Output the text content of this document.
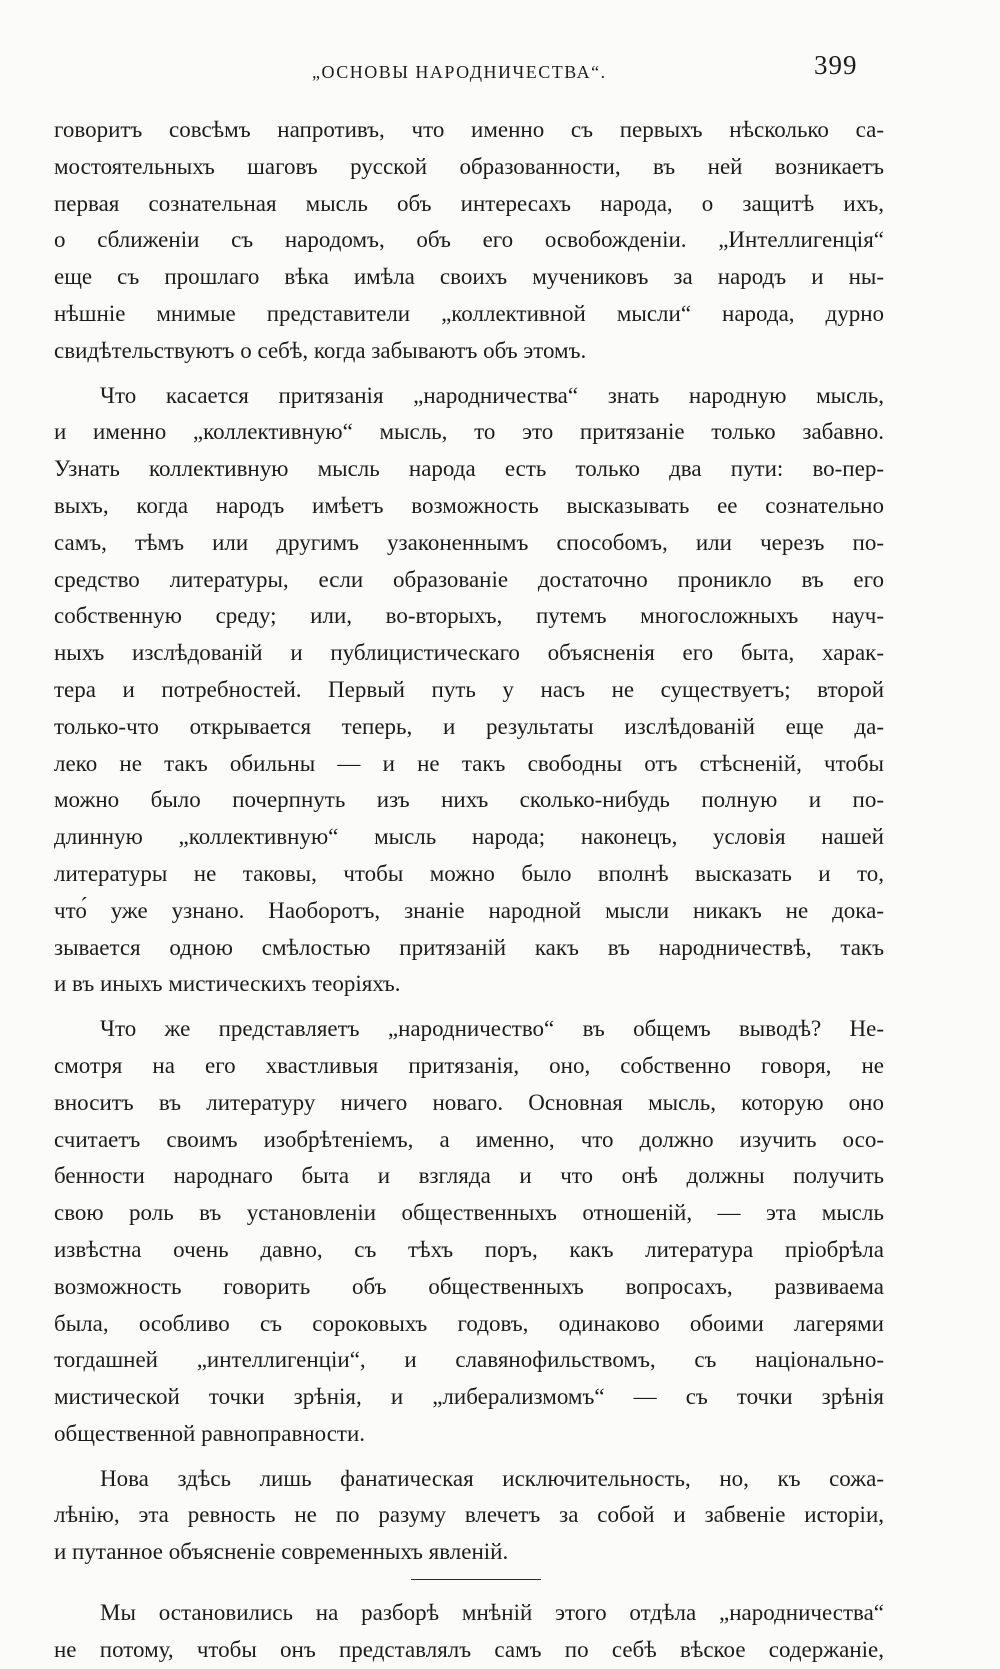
„ОСНОВЫ НАРОДНИЧЕСТВА“.	399
говоритъ совсѣмъ напротивъ, что именно съ первыхъ нѣсколько са-
мостоятельныхъ шаговъ русской образованности, въ ней возникаетъ
первая сознательная мысль объ интересахъ народа, о защитѣ ихъ,
о сближеніи съ народомъ, объ его освобожденіи. „Интеллигенція“
еще съ прошлаго вѣка имѣла своихъ мучениковъ за народъ и ны-
нѣшніе мнимые представители „коллективной мысли“ народа, дурно
свидѣтельствуютъ о себѣ, когда забываютъ объ этомъ.
Что касается притязанія „народничества“ знать народную мысль,
и именно „коллективную“ мысль, то это притязаніе только забавно.
Узнать коллективную мысль народа есть только два пути: во-пер-
выхъ, когда народъ имѣетъ возможность высказывать ее сознательно
самъ, тѣмъ или другимъ узаконеннымъ способомъ, или черезъ по-
средство литературы, если образованіе достаточно проникло въ его
собственную среду; или, во-вторыхъ, путемъ многосложныхъ науч-
ныхъ изслѣдованій и публицистическаго объясненія его быта, харак-
тера и потребностей. Первый путь у насъ не существуетъ; второй
только-что открывается теперь, и результаты изслѣдованій еще да-
леко не такъ обильны — и не такъ свободны отъ стѣсненій, чтобы
можно было почерпнуть изъ нихъ сколько-нибудь полную и по-
длинную „коллективную“ мысль народа; наконецъ, условія нашей
литературы не таковы, чтобы можно было вполнѣ высказать и то,
что́ уже узнано. Наоборотъ, знаніе народной мысли никакъ не дока-
зывается одною смѣлостью притязаній какъ въ народничествѣ, такъ
и въ иныхъ мистическихъ теоріяхъ.
Что же представляетъ „народничество“ въ общемъ выводѣ? Не-
смотря на его хвастливыя притязанія, оно, собственно говоря, не
вноситъ въ литературу ничего новаго. Основная мысль, которую оно
считаетъ своимъ изобрѣтеніемъ, а именно, что должно изучить осо-
бенности народнаго быта и взгляда и что онѣ должны получить
свою роль въ установленіи общественныхъ отношеній, — эта мысль
извѣстна очень давно, съ тѣхъ поръ, какъ литература пріобрѣла
возможность говорить объ общественныхъ вопросахъ, развиваема
была, особливо съ сороковыхъ годовъ, одинаково обоими лагерями
тогдашней „интеллигенціи“, и славянофильствомъ, съ національно-
мистической точки зрѣнія, и „либерализмомъ“ — съ точки зрѣнія
общественной равноправности.
Нова здѣсь лишь фанатическая исключительность, но, къ сожа-
лѣнію, эта ревность не по разуму влечетъ за собой и забвеніе исторіи,
и путанное объясненіе современныхъ явленій.
Мы остановились на разборѣ мнѣній этого отдѣла „народничества“
не потому, чтобы онъ представлялъ самъ по себѣ вѣское содержаніе,
